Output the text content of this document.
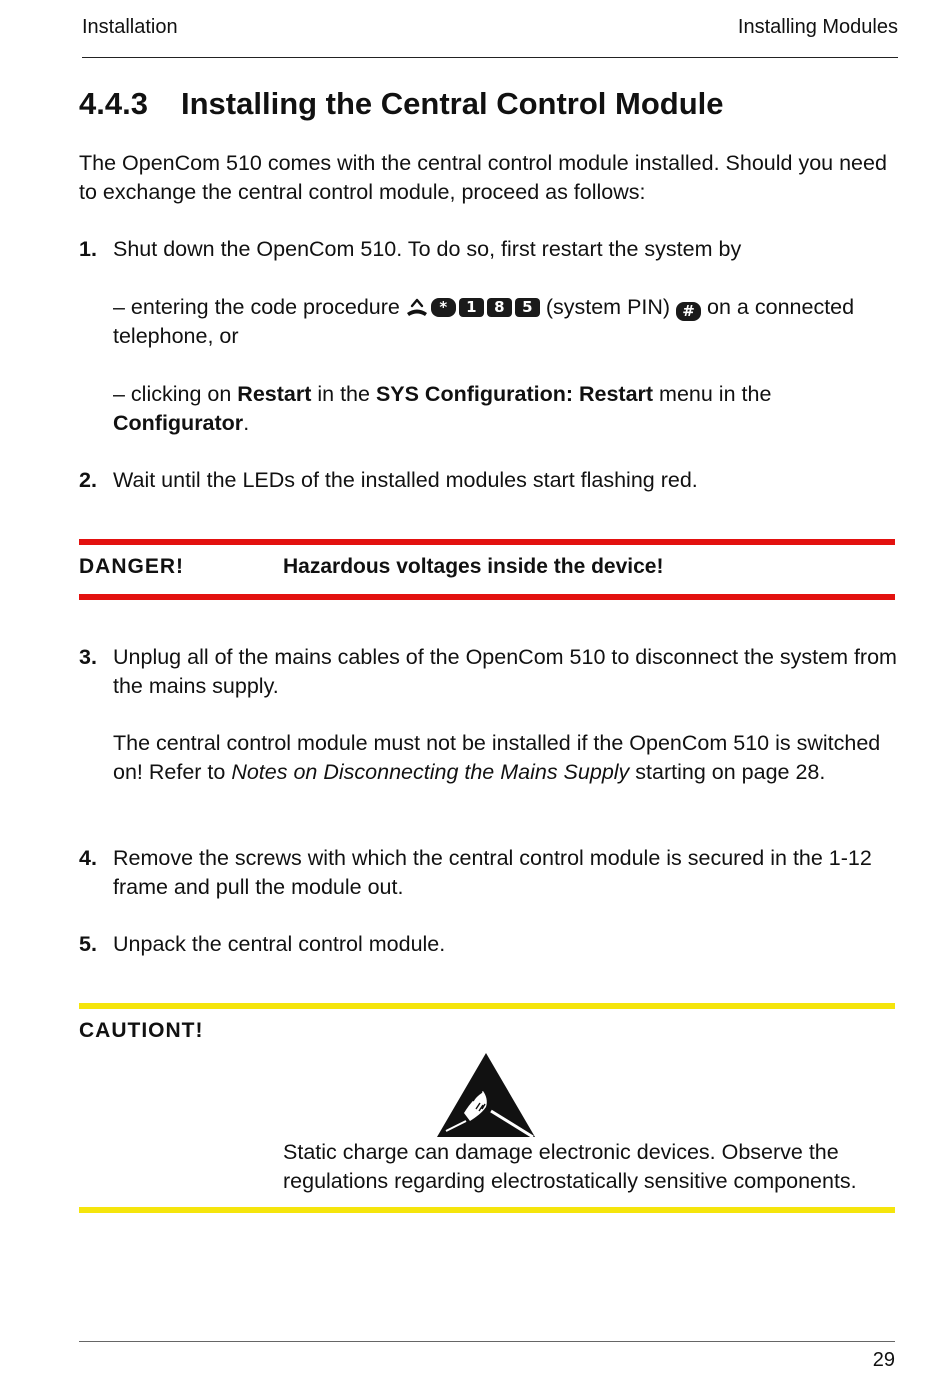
Installation	Installing Modules
4.4.3 Installing the Central Control Module

The OpenCom 510 comes with the central control module installed. Should you need to exchange the central control module, proceed as follows:

1. Shut down the OpenCom 510. To do so, first restart the system by
– entering the code procedure	*	1	8	5 (system PIN) # on a connected telephone, or
– clicking on Restart in the SYS Configuration: Restart menu in the Configurator.
2. Wait until the LEDs of the installed modules start flashing red.
DANGER!	Hazardous voltages inside the device!
3. Unplug all of the mains cables of the OpenCom 510 to disconnect the system from the mains supply.
The central control module must not be installed if the OpenCom 510 is switched on! Refer to Notes on Disconnecting the Mains Supply starting on page 28.
4. Remove the screws with which the central control module is secured in the 1-12 frame and pull the module out.
5. Unpack the central control module.
CAUTIONT!

Static charge can damage electronic devices. Observe the regulations regarding electrostatically sensitive components.

29
